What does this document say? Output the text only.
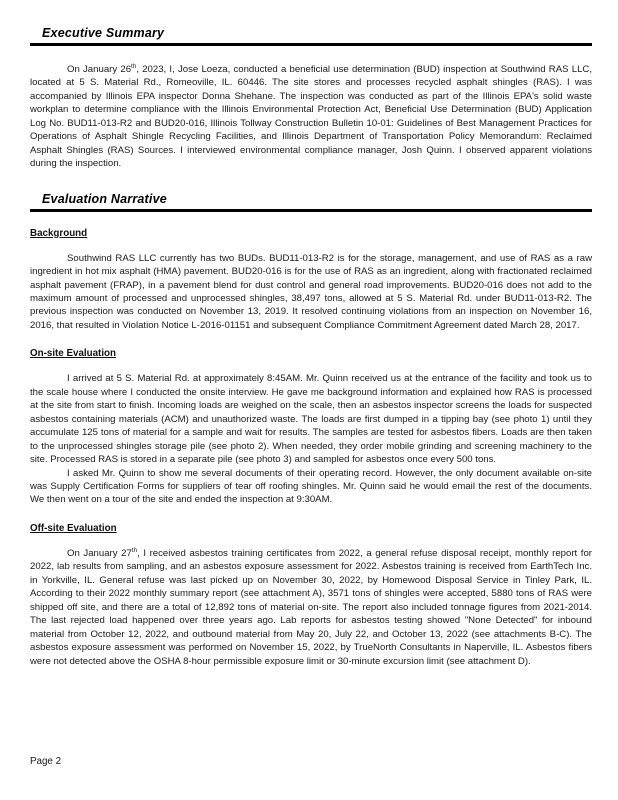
Executive Summary

On January 26th, 2023, I, Jose Loeza, conducted a beneficial use determination (BUD) inspection at Southwind RAS LLC, located at 5 S. Material Rd., Romeoville, IL. 60446. The site stores and processes recycled asphalt shingles (RAS). I was accompanied by Illinois EPA inspector Donna Shehane. The inspection was conducted as part of the Illinois EPA's solid waste workplan to determine compliance with the Illinois Environmental Protection Act, Beneficial Use Determination (BUD) Application Log No. BUD11-013-R2 and BUD20-016, Illinois Tollway Construction Bulletin 10-01: Guidelines of Best Management Practices for Operations of Asphalt Shingle Recycling Facilities, and Illinois Department of Transportation Policy Memorandum: Reclaimed Asphalt Shingles (RAS) Sources. I interviewed environmental compliance manager, Josh Quinn. I observed apparent violations during the inspection.

Evaluation Narrative
Background

Southwind RAS LLC currently has two BUDs. BUD11-013-R2 is for the storage, management, and use of RAS as a raw ingredient in hot mix asphalt (HMA) pavement. BUD20-016 is for the use of RAS as an ingredient, along with fractionated reclaimed asphalt pavement (FRAP), in a pavement blend for dust control and general road improvements. BUD20-016 does not add to the maximum amount of processed and unprocessed shingles, 38,497 tons, allowed at 5 S. Material Rd. under BUD11-013-R2. The previous inspection was conducted on November 13, 2019. It resolved continuing violations from an inspection on November 16, 2016, that resulted in Violation Notice L-2016-01151 and subsequent Compliance Commitment Agreement dated March 28, 2017.

On-site Evaluation

I arrived at 5 S. Material Rd. at approximately 8:45AM. Mr. Quinn received us at the entrance of the facility and took us to the scale house where I conducted the onsite interview. He gave me background information and explained how RAS is processed at the site from start to finish. Incoming loads are weighed on the scale, then an asbestos inspector screens the loads for suspected asbestos containing materials (ACM) and unauthorized waste. The loads are first dumped in a tipping bay (see photo 1) until they accumulate 125 tons of material for a sample and wait for results. The samples are tested for asbestos fibers. Loads are then taken to the unprocessed shingles storage pile (see photo 2). When needed, they order mobile grinding and screening machinery to the site. Processed RAS is stored in a separate pile (see photo 3) and sampled for asbestos once every 500 tons.

I asked Mr. Quinn to show me several documents of their operating record. However, the only document available on-site was Supply Certification Forms for suppliers of tear off roofing shingles. Mr. Quinn said he would email the rest of the documents. We then went on a tour of the site and ended the inspection at 9:30AM.

Off-site Evaluation

On January 27th, I received asbestos training certificates from 2022, a general refuse disposal receipt, monthly report for 2022, lab results from sampling, and an asbestos exposure assessment for 2022. Asbestos training is received from EarthTech Inc. in Yorkville, IL. General refuse was last picked up on November 30, 2022, by Homewood Disposal Service in Tinley Park, IL. According to their 2022 monthly summary report (see attachment A), 3571 tons of shingles were accepted, 5880 tons of RAS were shipped off site, and there are a total of 12,892 tons of material on-site. The report also included tonnage figures from 2021-2014. The last rejected load happened over three years ago. Lab reports for asbestos testing showed "None Detected" for inbound material from October 12, 2022, and outbound material from May 20, July 22, and October 13, 2022 (see attachments B-C). The asbestos exposure assessment was performed on November 15, 2022, by TrueNorth Consultants in Naperville, IL. Asbestos fibers were not detected above the OSHA 8-hour permissible exposure limit or 30-minute excursion limit (see attachment D).

Page 2
